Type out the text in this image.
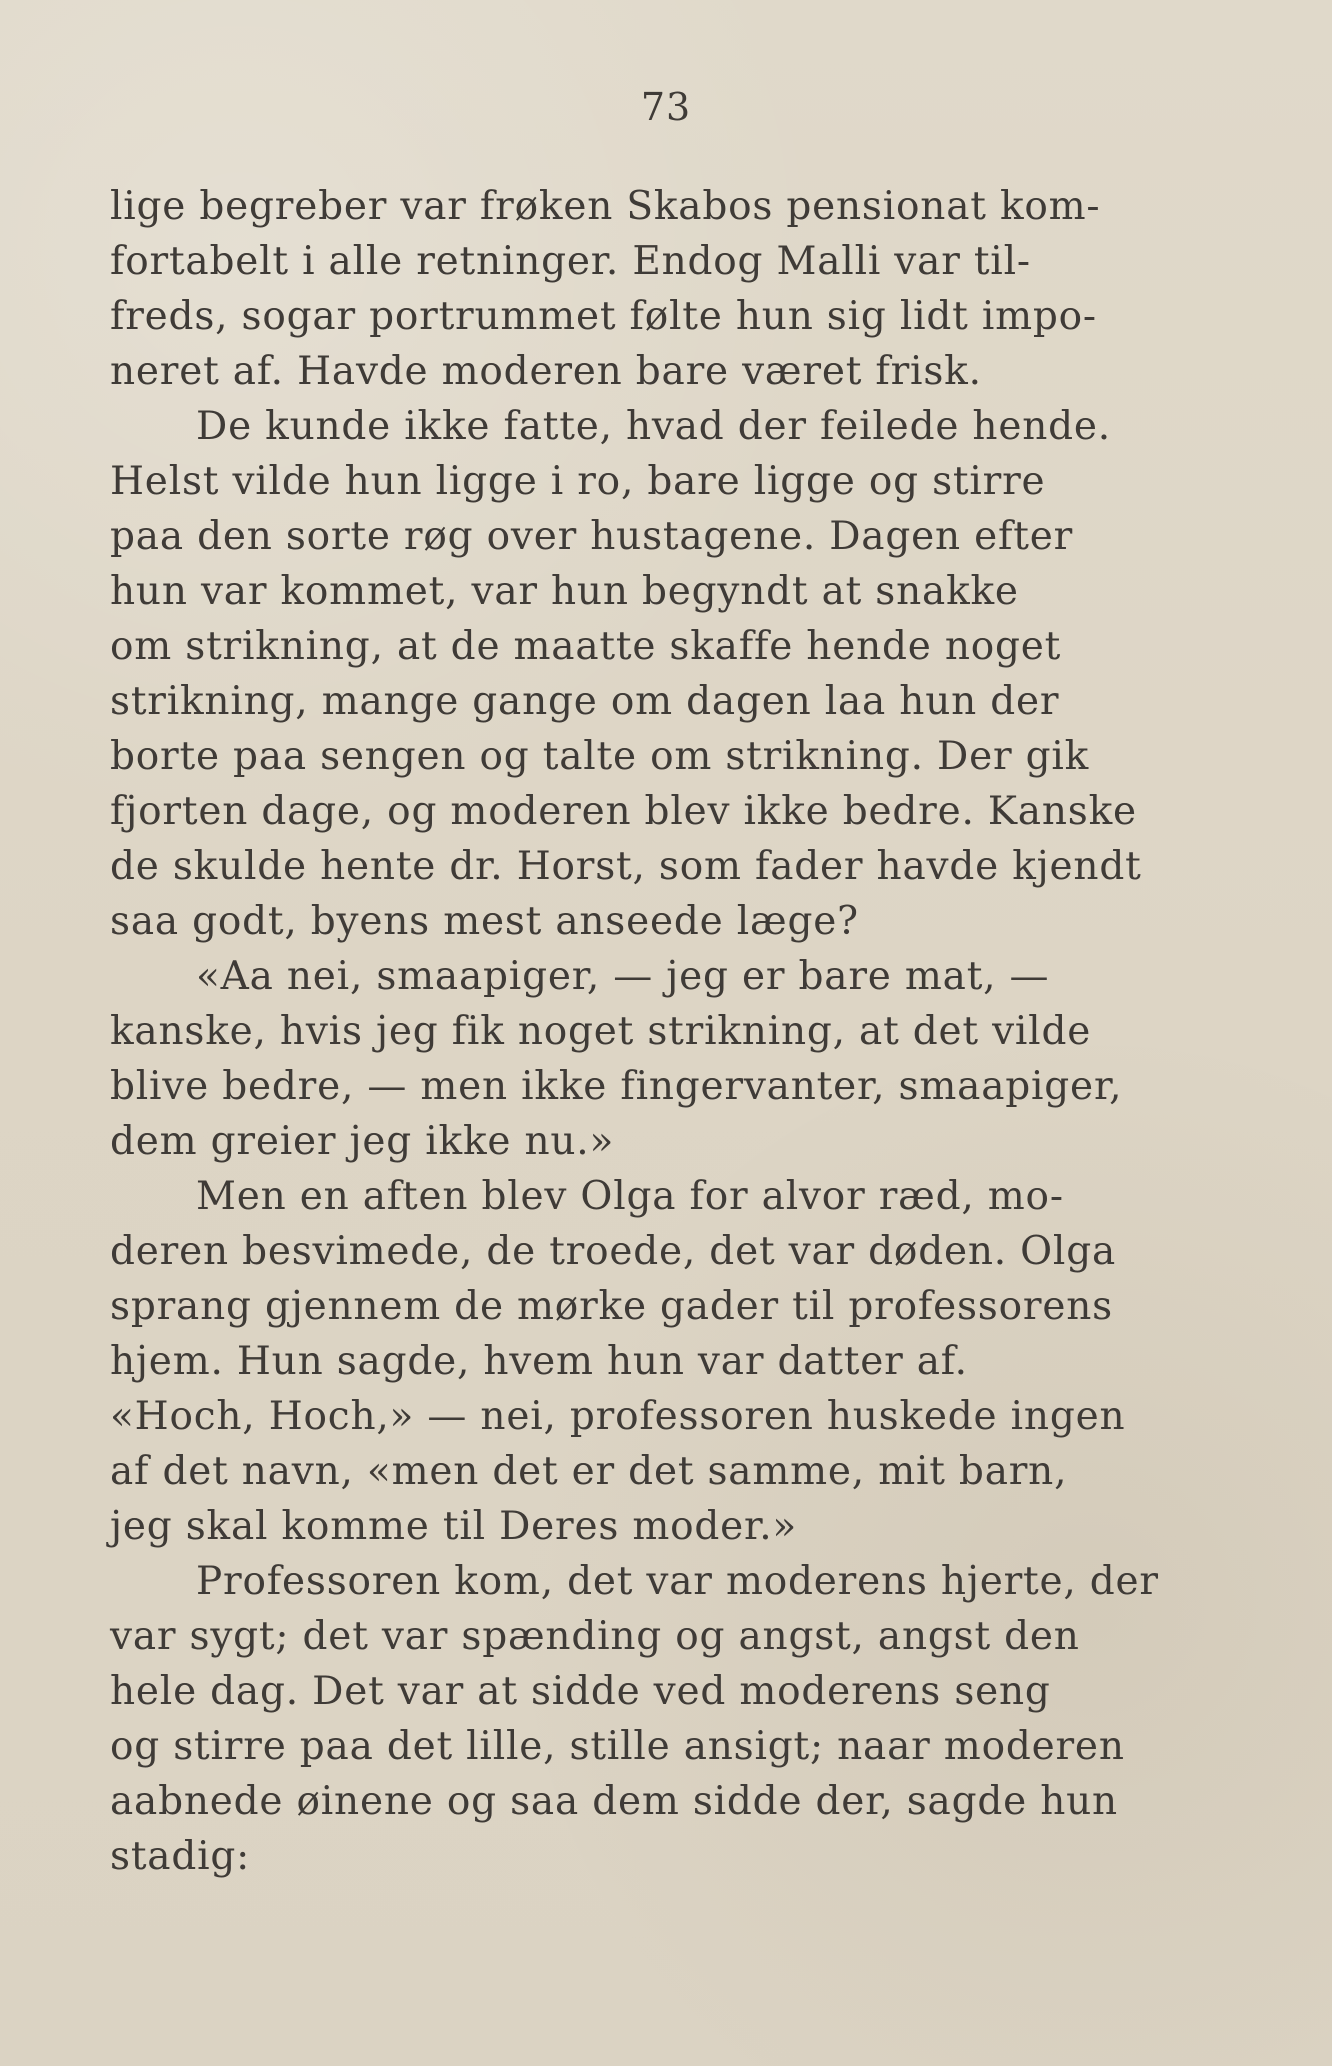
73
lige begreber var frøken Skabos pensionat kom-
fortabelt i alle retninger. Endog Malli var til-
freds, sogar portrummet følte hun sig lidt impo-
neret af. Havde moderen bare været frisk.
De kunde ikke fatte, hvad der feilede hende.
Helst vilde hun ligge i ro, bare ligge og stirre
paa den sorte røg over hustagene. Dagen efter
hun var kommet, var hun begyndt at snakke
om strikning, at de maatte skaffe hende noget
strikning, mange gange om dagen laa hun der
borte paa sengen og talte om strikning. Der gik
fjorten dage, og moderen blev ikke bedre. Kanske
de skulde hente dr. Horst, som fader havde kjendt
saa godt, byens mest anseede læge?
«Aa nei, smaapiger, — jeg er bare mat, —
kanske, hvis jeg fik noget strikning, at det vilde
blive bedre, — men ikke fingervanter, smaapiger,
dem greier jeg ikke nu.»
Men en aften blev Olga for alvor ræd, mo-
deren besvimede, de troede, det var døden. Olga
sprang gjennem de mørke gader til professorens
hjem. Hun sagde, hvem hun var datter af.
«Hoch, Hoch,» — nei, professoren huskede ingen
af det navn, «men det er det samme, mit barn,
jeg skal komme til Deres moder.»
Professoren kom, det var moderens hjerte, der
var sygt; det var spænding og angst, angst den
hele dag. Det var at sidde ved moderens seng
og stirre paa det lille, stille ansigt; naar moderen
aabnede øinene og saa dem sidde der, sagde hun
stadig:
